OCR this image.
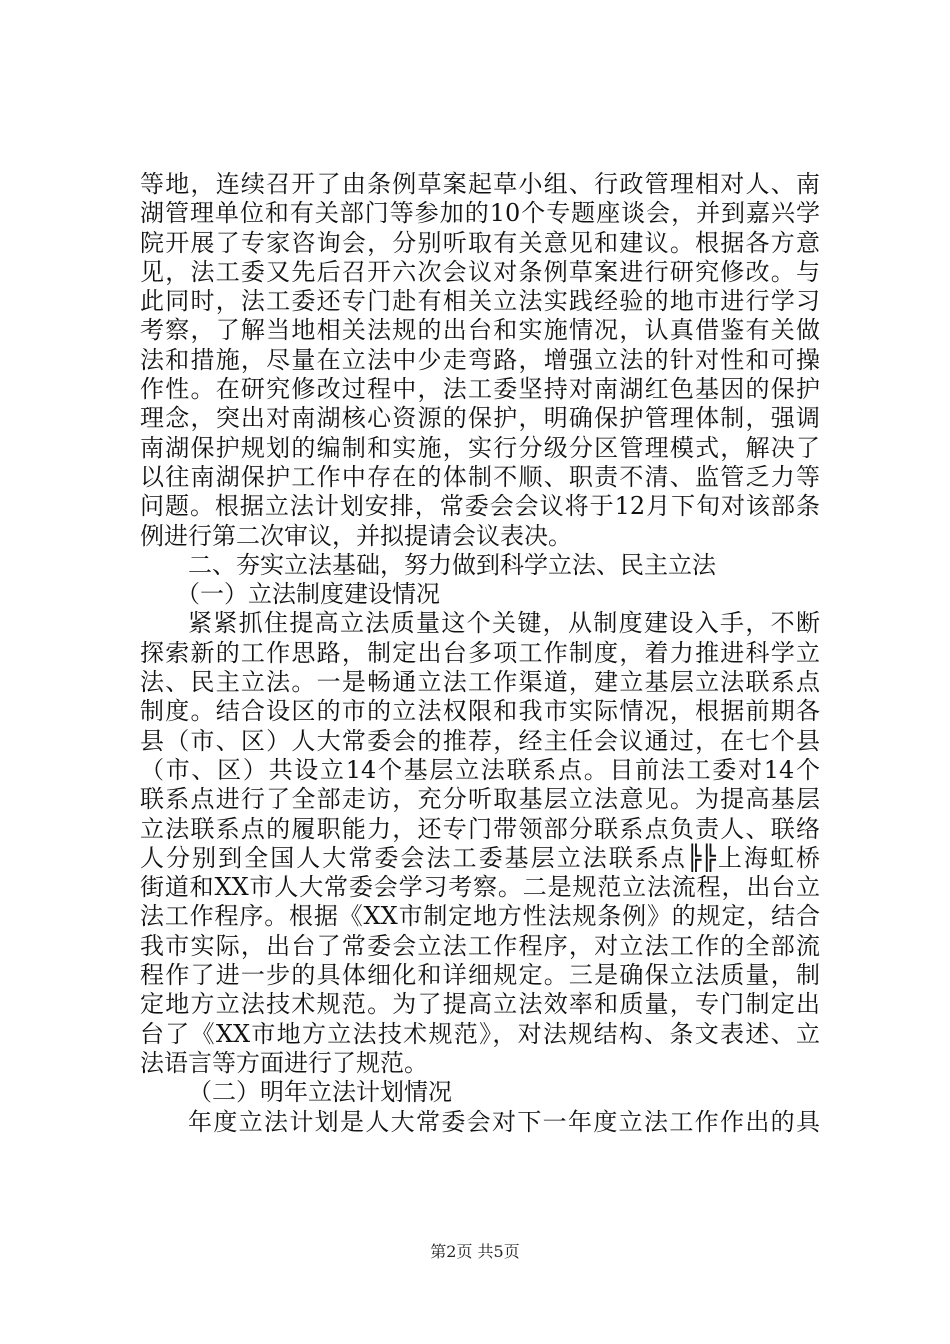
等地，连续召开了由条例草案起草小组、行政管理相对人、南
湖管理单位和有关部门等参加的10个专题座谈会，并到嘉兴学
院开展了专家咨询会，分别听取有关意见和建议。根据各方意
见，法工委又先后召开六次会议对条例草案进行研究修改。与
此同时，法工委还专门赴有相关立法实践经验的地市进行学习
考察，了解当地相关法规的出台和实施情况，认真借鉴有关做
法和措施，尽量在立法中少走弯路，增强立法的针对性和可操
作性。在研究修改过程中，法工委坚持对南湖红色基因的保护
理念，突出对南湖核心资源的保护，明确保护管理体制，强调
南湖保护规划的编制和实施，实行分级分区管理模式，解决了
以往南湖保护工作中存在的体制不顺、职责不清、监管乏力等
问题。根据立法计划安排，常委会会议将于12月下旬对该部条
例进行第二次审议，并拟提请会议表决。
二、夯实立法基础，努力做到科学立法、民主立法
（一）立法制度建设情况
紧紧抓住提高立法质量这个关键，从制度建设入手，不断
探索新的工作思路，制定出台多项工作制度，着力推进科学立
法、民主立法。一是畅通立法工作渠道，建立基层立法联系点
制度。结合设区的市的立法权限和我市实际情况，根据前期各
县（市、区）人大常委会的推荐，经主任会议通过，在七个县
（市、区）共设立14个基层立法联系点。目前法工委对14个
联系点进行了全部走访，充分听取基层立法意见。为提高基层
立法联系点的履职能力，还专门带领部分联系点负责人、联络
人分别到全国人大常委会法工委基层立法联系点╠╠上海虹桥
街道和XX市人大常委会学习考察。二是规范立法流程，出台立
法工作程序。根据《XX市制定地方性法规条例》的规定，结合
我市实际，出台了常委会立法工作程序，对立法工作的全部流
程作了进一步的具体细化和详细规定。三是确保立法质量，制
定地方立法技术规范。为了提高立法效率和质量，专门制定出
台了《XX市地方立法技术规范》，对法规结构、条文表述、立
法语言等方面进行了规范。
（二）明年立法计划情况
年度立法计划是人大常委会对下一年度立法工作作出的具
第2页 共5页
